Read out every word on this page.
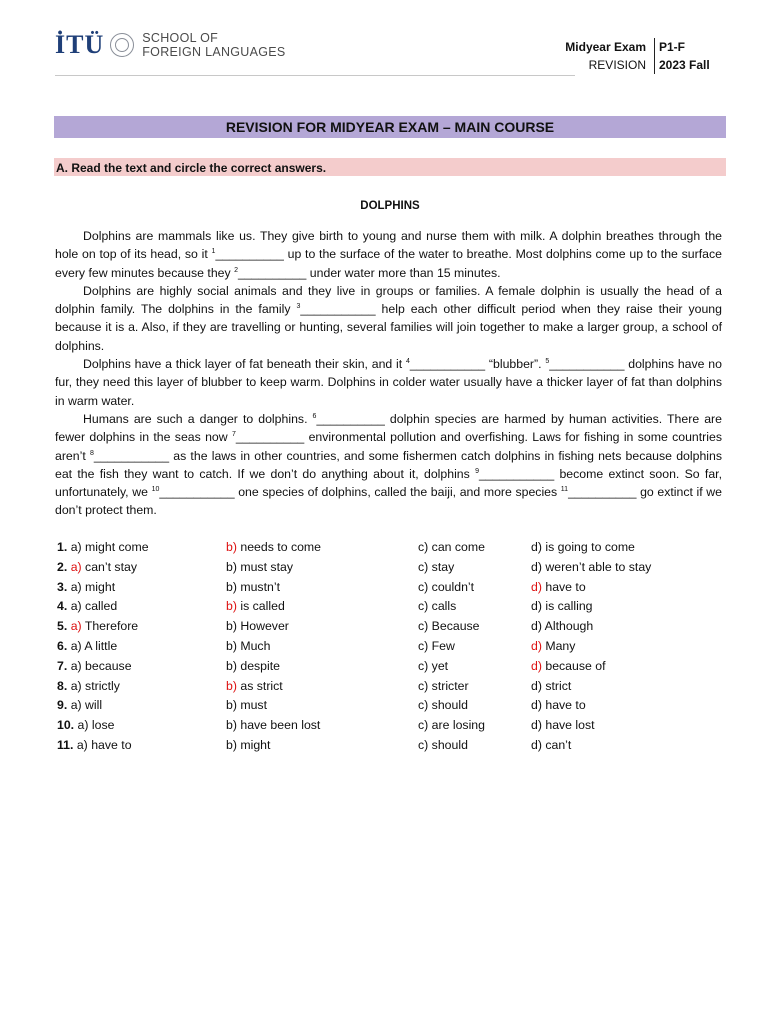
İTÜ	SCHOOL OF
FOREIGN LANGUAGES	Midyear Exam	P1-F
REVISION	2023 Fall
REVISION FOR MIDYEAR EXAM – MAIN COURSE
A. Read the text and circle the correct answers.
DOLPHINS

Dolphins are mammals like us. They give birth to young and nurse them with milk. A dolphin breathes through the hole on top of its head, so it $^1$__________ up to the surface of the water to breathe. Most dolphins come up to the surface every few minutes because they $^2$__________ under water more than 15 minutes.

Dolphins are highly social animals and they live in groups or families. A female dolphin is usually the head of a dolphin family. The dolphins in the family $^3$___________ help each other difficult period when they raise their young because it is a. Also, if they are travelling or hunting, several families will join together to make a larger group, a school of dolphins.

Dolphins have a thick layer of fat beneath their skin, and it $^4$___________ “blubber”. $^5$___________ dolphins have no fur, they need this layer of blubber to keep warm. Dolphins in colder water usually have a thicker layer of fat than dolphins in warm water.

Humans are such a danger to dolphins. $^6$__________ dolphin species are harmed by human activities. There are fewer dolphins in the seas now $^7$__________ environmental pollution and overfishing. Laws for fishing in some countries aren’t $^8$___________ as the laws in other countries, and some fishermen catch dolphins in fishing nets because dolphins eat the fish they want to catch. If we don’t do anything about it, dolphins $^9$___________ become extinct soon. So far, unfortunately, we $^{10}$___________ one species of dolphins, called the baiji, and more species $^{11}$__________ go extinct if we don’t protect them.

1. a) might come	b) needs to come	c) can come	d) is going to come
2. a) can’t stay	b) must stay	c) stay	d) weren’t able to stay
3. a) might	b) mustn’t	c) couldn’t	d) have to
4. a) called	b) is called	c) calls	d) is calling
5. a) Therefore	b) However	c) Because	d) Although
6. a) A little	b) Much	c) Few	d) Many
7. a) because	b) despite	c) yet	d) because of
8. a) strictly	b) as strict	c) stricter	d) strict
9. a) will	b) must	c) should	d) have to
10. a) lose	b) have been lost	c) are losing	d) have lost
11. a) have to	b) might	c) should	d) can’t
